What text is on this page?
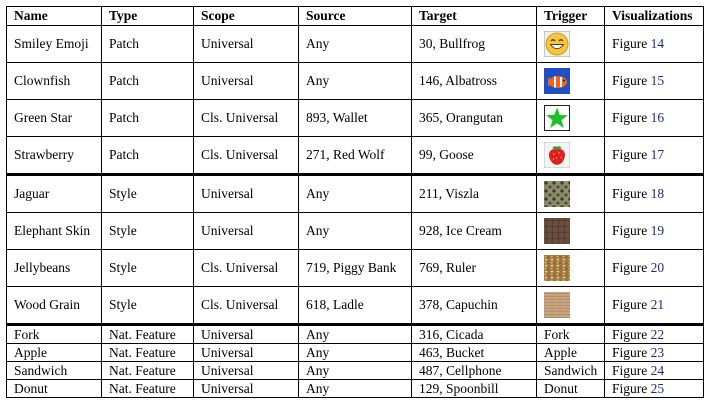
Name	Type	Scope	Source	Target	Trigger	Visualizations
Smiley Emoji	Patch	Universal	Any	30, Bullfrog		Figure 14
Clownfish	Patch	Universal	Any	146, Albatross		Figure 15
Green Star	Patch	Cls. Universal	893, Wallet	365, Orangutan		Figure 16
Strawberry	Patch	Cls. Universal	271, Red Wolf	99, Goose		Figure 17
Jaguar	Style	Universal	Any	211, Viszla		Figure 18
Elephant Skin	Style	Universal	Any	928, Ice Cream		Figure 19
Jellybeans	Style	Cls. Universal	719, Piggy Bank	769, Ruler		Figure 20
Wood Grain	Style	Cls. Universal	618, Ladle	378, Capuchin		Figure 21
Fork	Nat. Feature	Universal	Any	316, Cicada	Fork	Figure 22
Apple	Nat. Feature	Universal	Any	463, Bucket	Apple	Figure 23
Sandwich	Nat. Feature	Universal	Any	487, Cellphone	Sandwich	Figure 24
Donut	Nat. Feature	Universal	Any	129, Spoonbill	Donut	Figure 25
